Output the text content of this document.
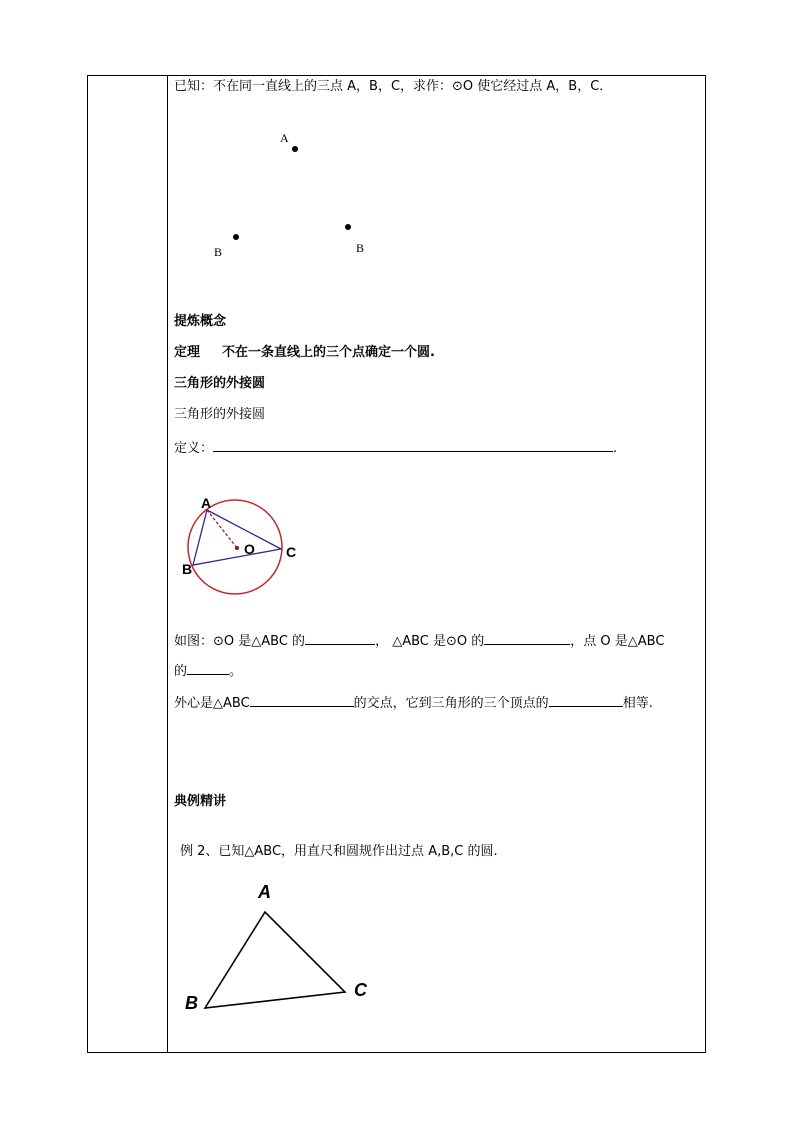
已知：不在同一直线上的三点 A，B，C，求作：⊙O 使它经过点 A，B，C．
A
B	B
提炼概念
定理 不在一条直线上的三个点确定一个圆.
三角形的外接圆
三角形的外接圆
定义：	.
A
B
C
O
如图：⊙O 是△ABC 的	， △ABC 是⊙O 的	，点 O 是△ABC
的	。
外心是△ABC	的交点，它到三角形的三个顶点的	相等.
典例精讲
例 2、已知△ABC，用直尺和圆规作出过点 A,B,C 的圆.
A
B
C
